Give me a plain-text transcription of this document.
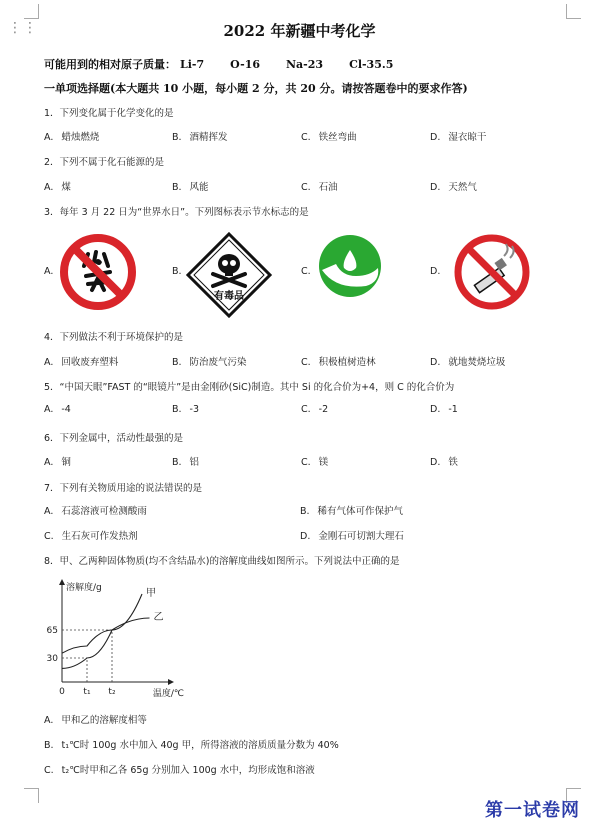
⋮⋮	2022 年新疆中考化学
可能用到的相对原子质量： Li-7 O-16 Na-23 Cl-35.5
一单项选择题(本大题共 10 小题，每小题 2 分，共 20 分。请按答题卷中的要求作答)
1．下列变化属于化学变化的是
A. 蜡烛燃烧	B. 酒精挥发	C. 铁丝弯曲	D. 湿衣晾干
2．下列不属于化石能源的是
A. 煤	B. 风能	C. 石油	D. 天然气
3．每年 3 月 22 日为“世界水日”。下列图标表示节水标志的是
A.	B.
有毒品
C.	D.
4．下列做法不利于环境保护的是
A. 回收废弃塑料	B. 防治废气污染	C. 积极植树造林	D. 就地焚烧垃圾
5．“中国天眼”FAST 的“眼镜片”是由金刚砂(SiC)制造。其中 Si 的化合价为+4，则 C 的化合价为
A. -4	B. -3	C. -2	D. -1
6．下列金属中，活动性最强的是
A. 铜	B. 铝	C. 镁	D. 铁
7．下列有关物质用途的说法错误的是
A. 石蕊溶液可检测酸雨	B. 稀有气体可作保护气
C. 生石灰可作发热剂	D. 金刚石可切割大理石
8．甲、乙两种固体物质(均不含结晶水)的溶解度曲线如图所示。下列说法中正确的是
溶解度/g
温度/℃
65
30
0 t₁ t₂
甲
乙
A. 甲和乙的溶解度相等
B. t₁℃时 100g 水中加入 40g 甲，所得溶液的溶质质量分数为 40%
C. t₂℃时甲和乙各 65g 分别加入 100g 水中，均形成饱和溶液
第一试卷网
